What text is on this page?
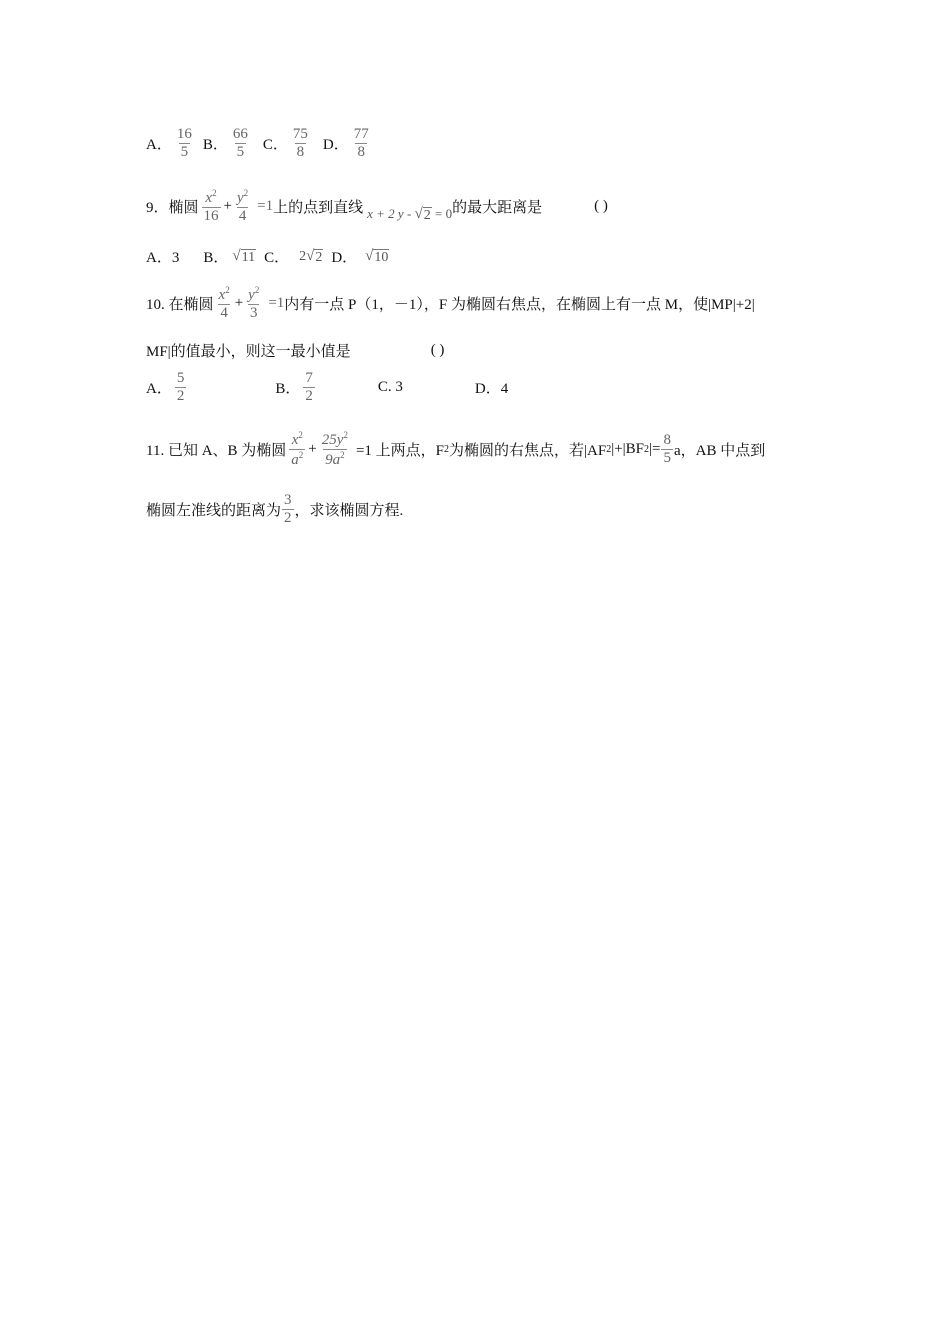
A． $\frac{16}{5}$ B． $\frac{66}{5}$ C． $\frac{75}{8}$ D． $\frac{77}{8}$
9．椭圆 $\frac{x^2}{16} + \frac{y^2}{4} =1$ 上的点到直线 x + 2 y - √ 2 = 0 的最大距离是	( )
A．3 B． √ 11 C． 2 √ 2 D． √ 10
10. 在椭圆 $\frac{x^2}{4} + \frac{y^2}{3} =1$ 内有一点 P（1，－1），F 为椭圆右焦点，在椭圆上有一点 M，使|MP|+2|
MF|的值最小，则这一最小值是	( )
A． $\frac{5}{2}$	B． $\frac{7}{2}$	C. 3	D．4
11. 已知 A、B 为椭圆 $\frac{x^2}{a^2} + \frac{25y^2}{9a^2} =1$ 上两点，F 2 为椭圆的右焦点，若|AF 2 |+|BF 2 |= $\frac{8}{5}$ a，AB 中点到
椭圆左准线的距离为 $\frac{3}{2}$ ，求该椭圆方程.
